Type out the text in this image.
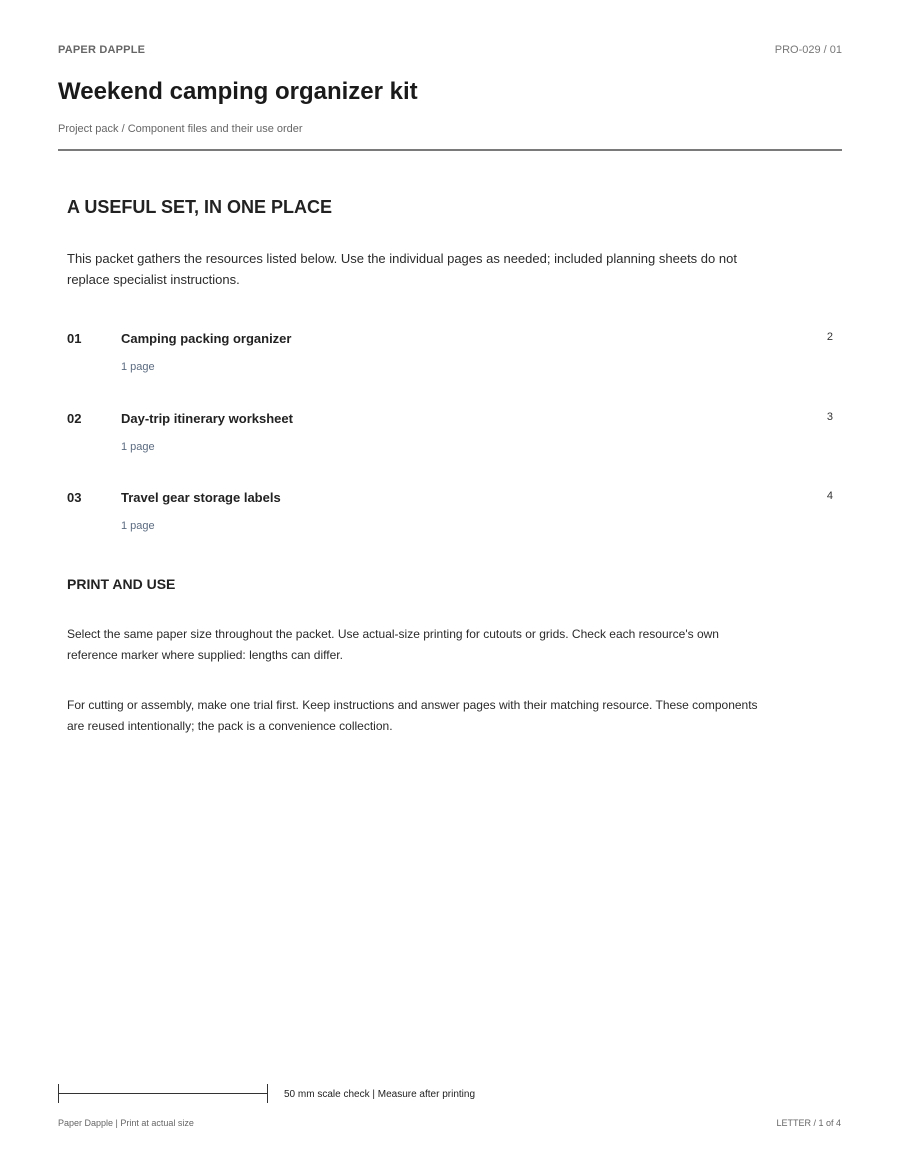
PAPER DAPPLE	PRO-029 / 01
Weekend camping organizer kit
Project pack / Component files and their use order
A USEFUL SET, IN ONE PLACE

This packet gathers the resources listed below. Use the individual pages as needed; included planning sheets do not replace specialist instructions.

01	Camping packing organizer	2
1 page
02	Day-trip itinerary worksheet	3
1 page
03	Travel gear storage labels	4
1 page
PRINT AND USE

Select the same paper size throughout the packet. Use actual-size printing for cutouts or grids. Check each resource's own reference marker where supplied: lengths can differ.

For cutting or assembly, make one trial first. Keep instructions and answer pages with their matching resource. These components are reused intentionally; the pack is a convenience collection.

50 mm scale check | Measure after printing
Paper Dapple | Print at actual size	LETTER / 1 of 4
